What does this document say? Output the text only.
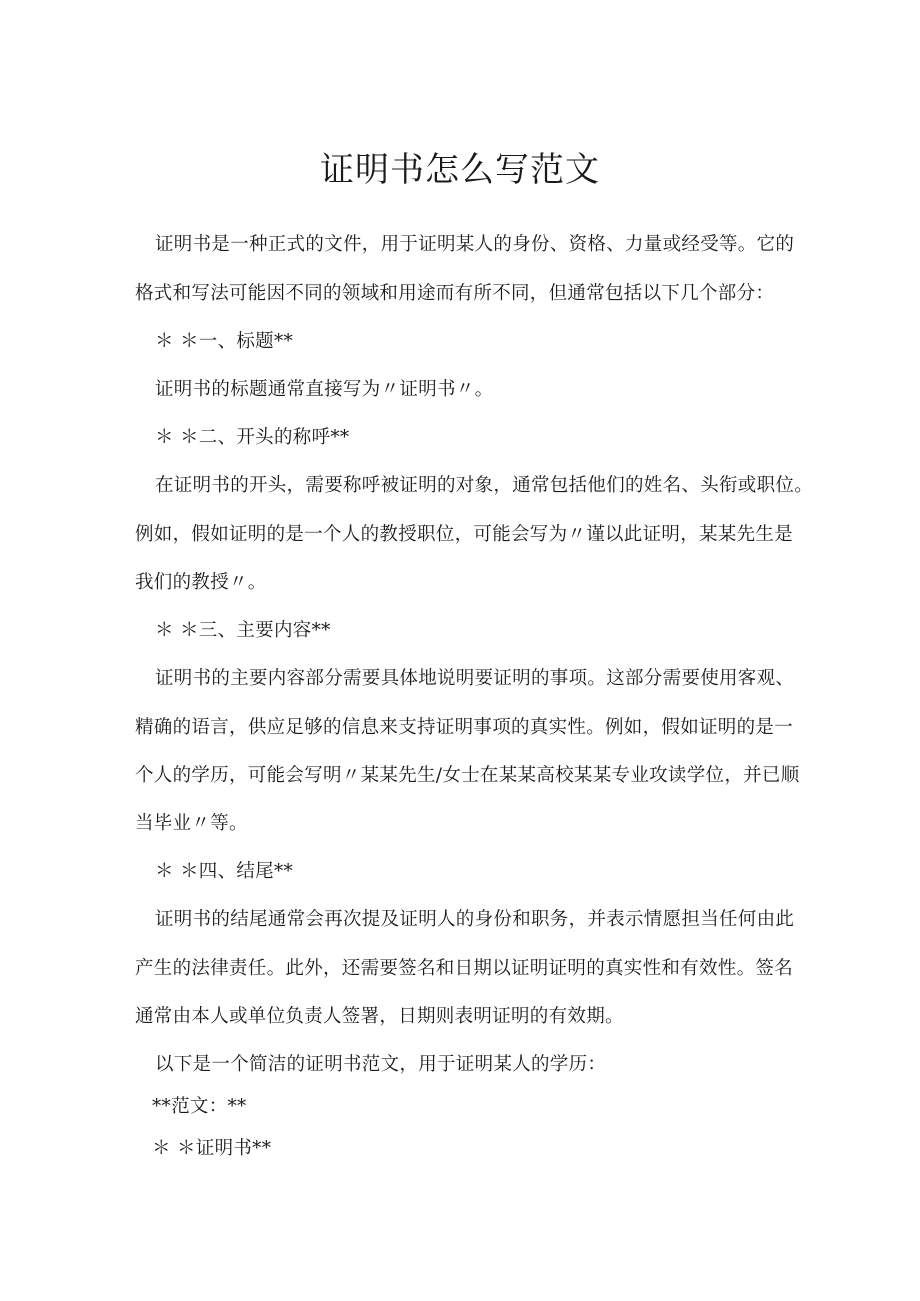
证明书怎么写范文

证明书是一种正式的文件，用于证明某人的身份、资格、力量或经受等。它的

格式和写法可能因不同的领域和用途而有所不同，但通常包括以下几个部分：

＊ ＊一、标题**

证明书的标题通常直接写为〃证明书〃。

＊ ＊二、开头的称呼**

在证明书的开头，需要称呼被证明的对象，通常包括他们的姓名、头衔或职位。

例如，假如证明的是一个人的教授职位，可能会写为〃谨以此证明，某某先生是

我们的教授〃。

＊ ＊三、主要内容**

证明书的主要内容部分需要具体地说明要证明的事项。这部分需要使用客观、

精确的语言，供应足够的信息来支持证明事项的真实性。例如，假如证明的是一

个人的学历，可能会写明〃某某先生/女士在某某高校某某专业攻读学位，并已顺

当毕业〃等。

＊ ＊四、结尾**

证明书的结尾通常会再次提及证明人的身份和职务，并表示情愿担当任何由此

产生的法律责任。此外，还需要签名和日期以证明证明的真实性和有效性。签名

通常由本人或单位负责人签署，日期则表明证明的有效期。

以下是一个简洁的证明书范文，用于证明某人的学历：

**范文：**

＊ ＊证明书**
